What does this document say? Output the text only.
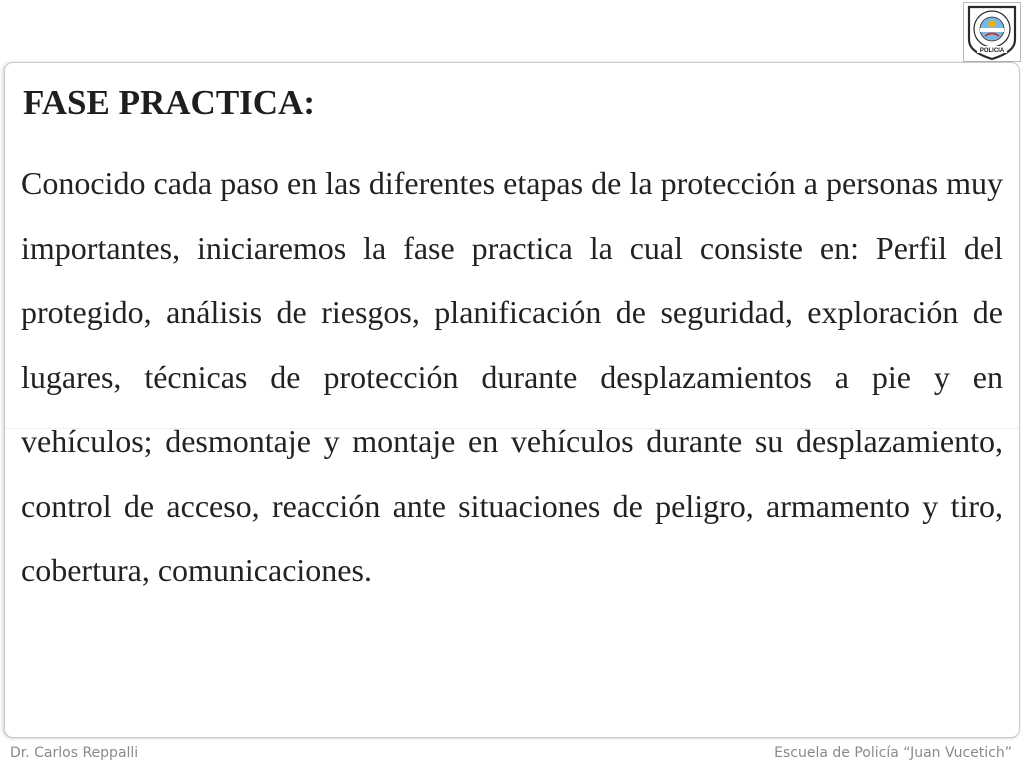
POLICIA
FASE PRACTICA:

Conocido cada paso en las diferentes etapas de la protección a personas muy importantes, iniciaremos la fase practica la cual consiste en: Perfil del protegido, análisis de riesgos, planificación de seguridad, exploración de lugares, técnicas de protección durante desplazamientos a pie y en vehículos; desmontaje y montaje en vehículos durante su desplazamiento, control de acceso, reacción ante situaciones de peligro, armamento y tiro, cobertura, comunicaciones.

Dr. Carlos Reppalli	Escuela de Policía “Juan Vucetich”
